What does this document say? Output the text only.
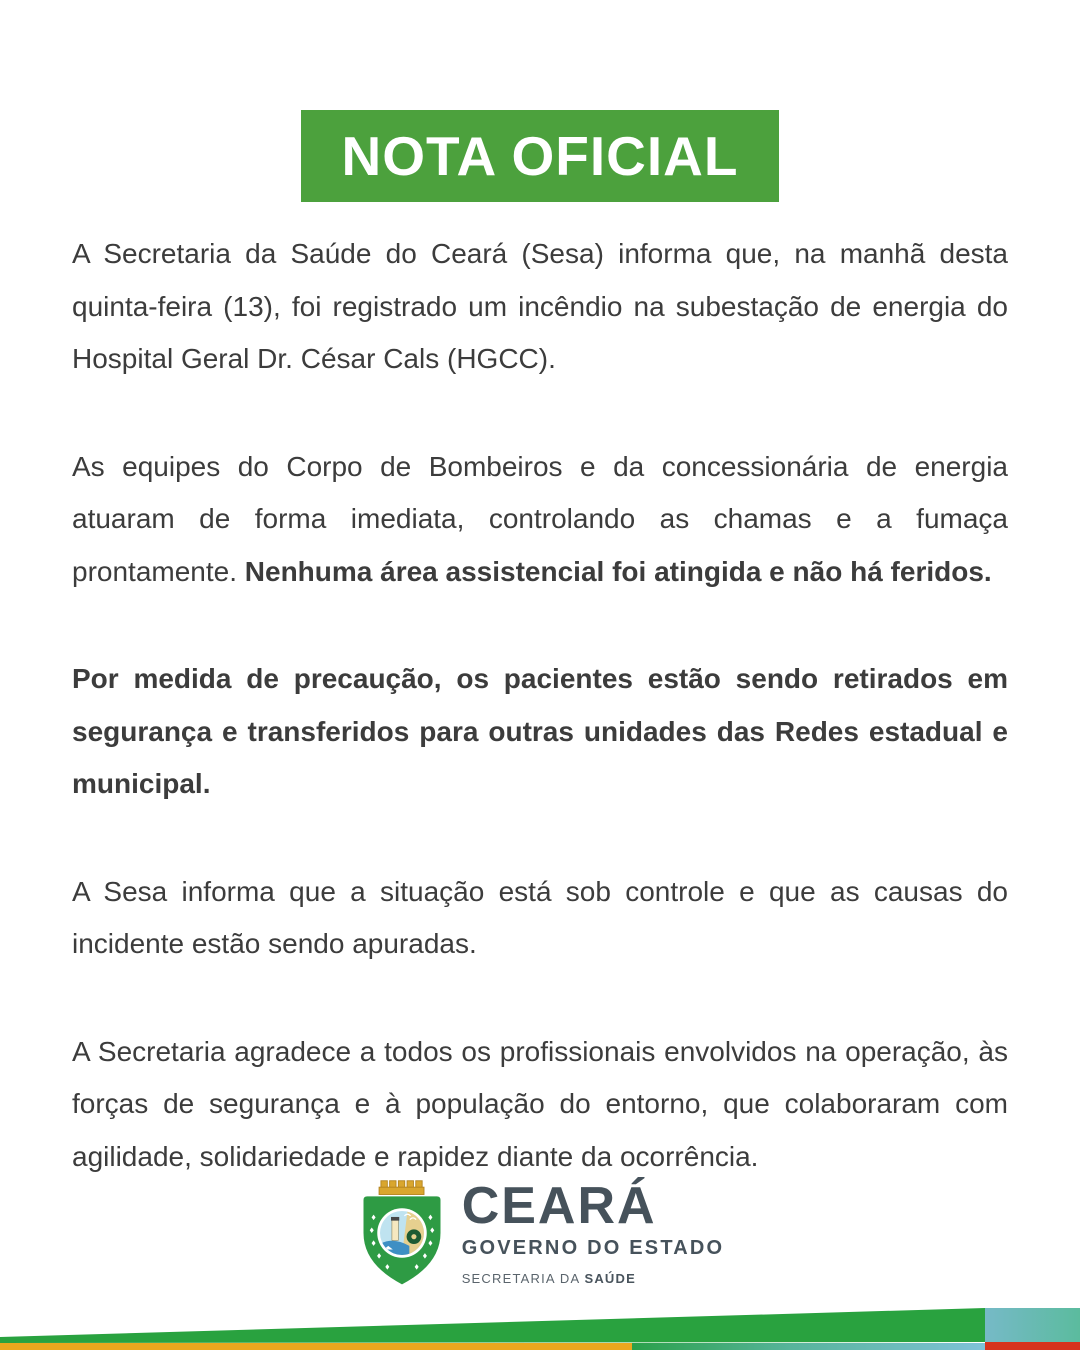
NOTA OFICIAL

A Secretaria da Saúde do Ceará (Sesa) informa que, na manhã desta quinta-feira (13), foi registrado um incêndio na subestação de energia do Hospital Geral Dr. César Cals (HGCC).

As equipes do Corpo de Bombeiros e da concessionária de energia atuaram de forma imediata, controlando as chamas e a fumaça prontamente. Nenhuma área assistencial foi atingida e não há feridos.

Por medida de precaução, os pacientes estão sendo retirados em segurança e transferidos para outras unidades das Redes estadual e municipal.

A Sesa informa que a situação está sob controle e que as causas do incidente estão sendo apuradas.

A Secretaria agradece a todos os profissionais envolvidos na operação, às forças de segurança e à população do entorno, que colaboraram com agilidade, solidariedade e rapidez diante da ocorrência.

CEARÁ
GOVERNO DO ESTADO
SECRETARIA DA SAÚDE
